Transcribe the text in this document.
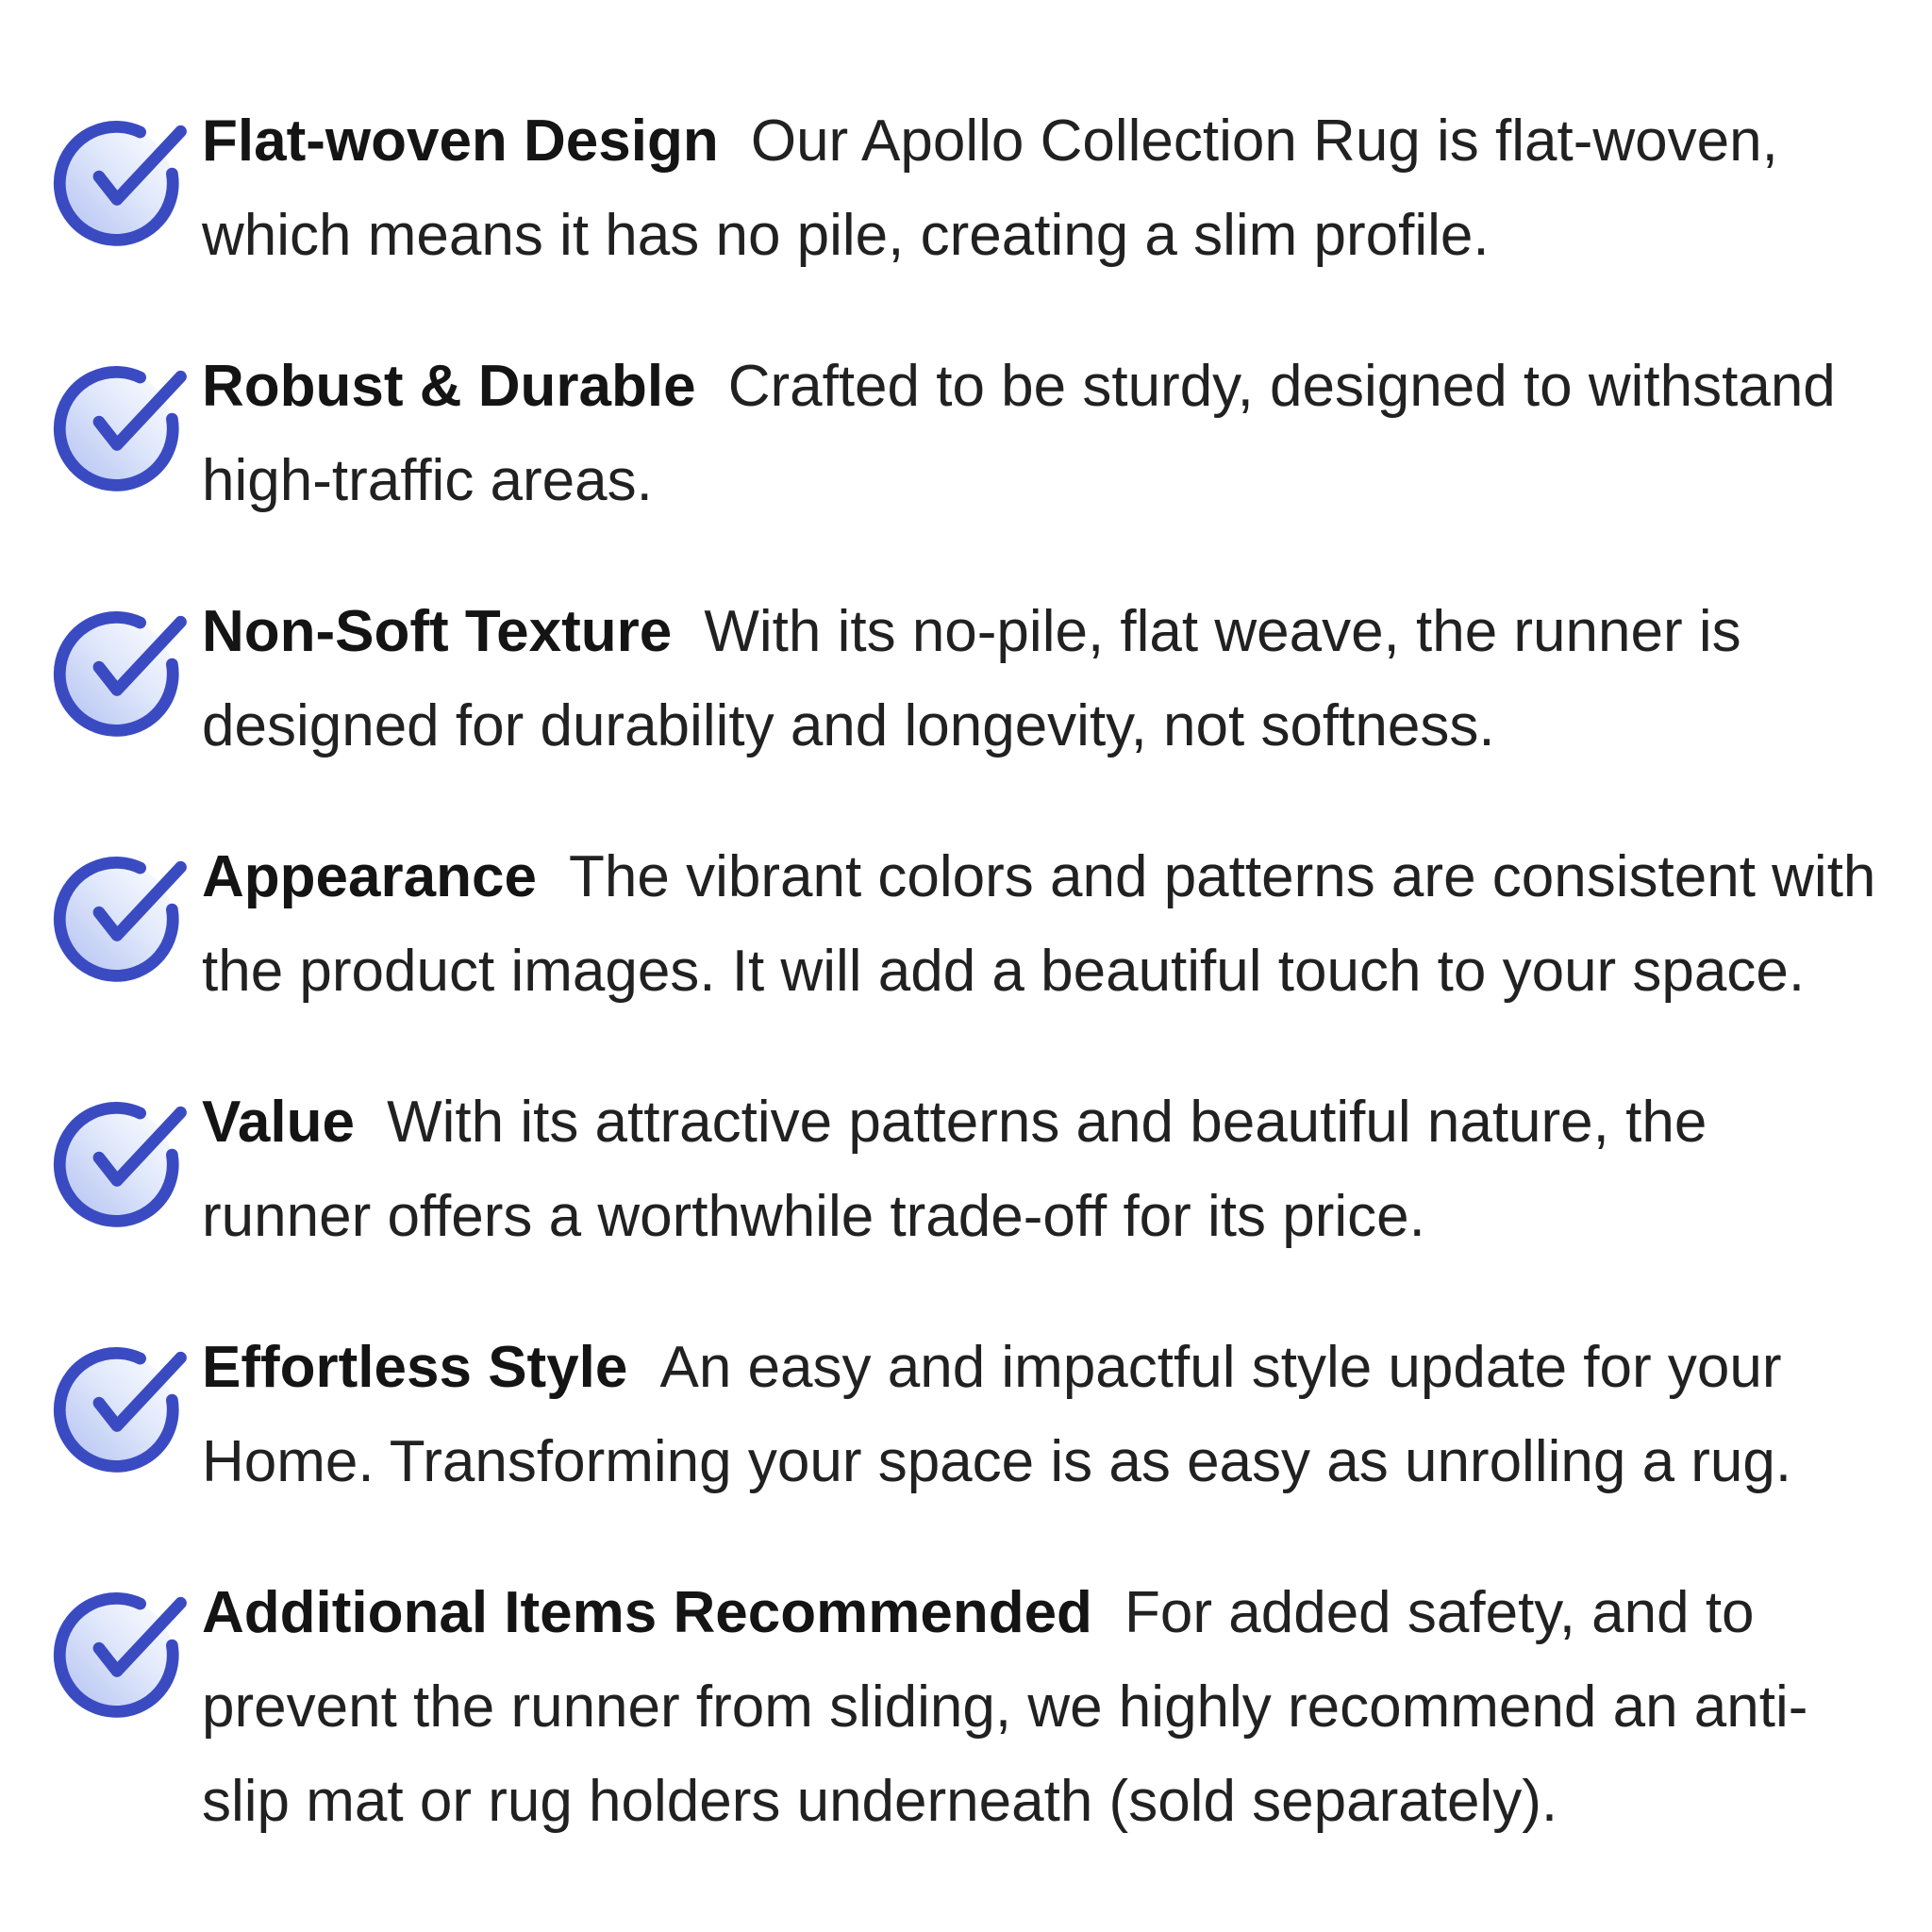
Flat-woven Design Our Apollo Collection Rug is flat-woven, which means it has no pile, creating a slim profile.

Robust & Durable Crafted to be sturdy, designed to withstand high-traffic areas.

Non-Soft Texture With its no-pile, flat weave, the runner is designed for durability and longevity, not softness.

Appearance The vibrant colors and patterns are consistent with the product images. It will add a beautiful touch to your space.

Value With its attractive patterns and beautiful nature, the runner offers a worthwhile trade-off for its price.

Effortless Style An easy and impactful style update for your Home. Transforming your space is as easy as unrolling a rug.

Additional Items Recommended For added safety, and to prevent the runner from sliding, we highly recommend an anti-slip mat or rug holders underneath (sold separately).
